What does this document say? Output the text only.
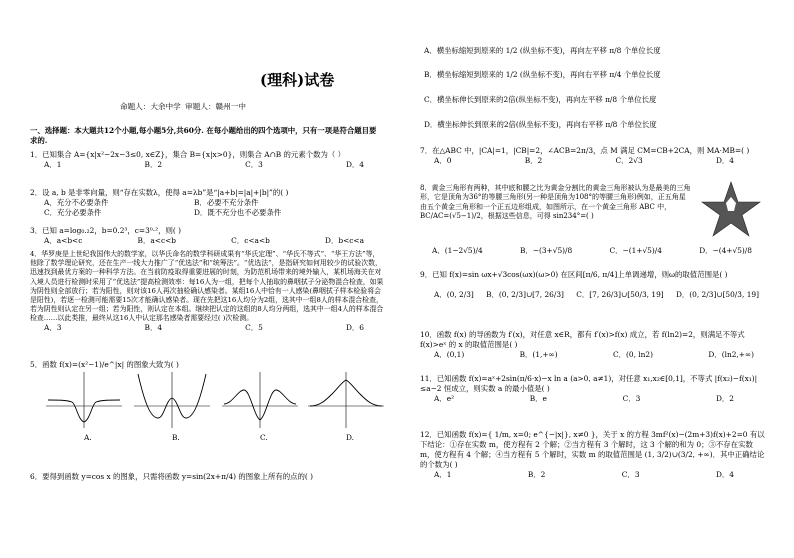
(理科)试卷
命题人：大余中学 审题人：赣州一中
一、选择题：本大题共12个小题,每小题5分,共60分. 在每小题给出的四个选项中，只有一项是符合题目要求的.
1．已知集合 A={x|x²−2x−3≤0, x∈Z}，集合 B={x|x>0}，则集合 A∩B 的元素个数为（ ）
A．1	B．2	C．3	D．4
2．设 a, b 是非零向量，则“存在实数λ，使得 a=λb”是“|a+b|=|a|+|b|”的( )
A．充分不必要条件	B．必要不充分条件
C．充分必要条件	D．既不充分也不必要条件
3．已知 a=log₀.₂2，b=0.2³，c=3⁰·²，则( )
A．a<b<c	B．a<c<b	C．c<a<b	D．b<c<a
4．华罗庚是上世纪我国伟大的数学家，以华氏命名的数学科研成果有“华氏定理”、“华氏不等式”、“华王方法”等，他除了数学理论研究，还在生产一线大力推广了“优选法”和“统筹法”。“优选法”，是指研究如何用较少的试验次数，迅速找到最优方案的一种科学方法。在当前防疫取得重要进展的时刻，为防范机场带来的境外输入，某机场海关在对入境人员进行检测时采用了“优选法”提高检测效率：每16人为一组，把每个人抽取的鼻咽拭子分泌物混合检查，如果为阴性则全部放行；若为阳性，则对该16人再次抽检确认感染者。某组16人中恰有一人感染(鼻咽拭子样本检验将会是阳性)，若逐一检测可能需要15次才能确认感染者。现在先把这16人均分为2组，选其中一组8人的样本混合检查，若为阴性则认定在另一组；若为阳性，则认定在本组。继续把认定的这组的8人均分两组，选其中一组4人的样本混合检查……以此类推，最终从这16人中认定那名感染者需要经过( )次检测。
A．3	B．4	C．5	D．6
5．函数 f(x)=(x²−1)/e^|x| 的图象大致为( )
A.	B.	C.	D.
6．要得到函数 y=cos x 的图象，只需将函数 y=sin(2x+π/4) 的图象上所有的点的( )
A．横坐标缩短到原来的 1/2 (纵坐标不变)，再向左平移 π/8 个单位长度
B．横坐标缩短到原来的 1/2 (纵坐标不变)，再向右平移 π/4 个单位长度
C．横坐标伸长到原来的2倍(纵坐标不变)，再向左平移 π/8 个单位长度
D．横坐标伸长到原来的2倍(纵坐标不变)，再向右平移 π/8 个单位长度
7．在△ABC 中，|CA|=1，|CB|=2，∠ACB=2π/3，点 M 满足 CM=CB+2CA，则 MA·MB=( )
A．0	B．2	C．2√3	D．4
8．黄金三角形有两种，其中底和腰之比为黄金分割比的黄金三角形被认为是最美的三角形，它是顶角为36°的等腰三角形(另一种是顶角为108°的等腰三角形)例如，正五角星由五个黄金三角形和一个正五边形组成，如图所示，在一个黄金三角形 ABC 中，BC/AC=(√5−1)/2，根据这些信息，可得 sin234°=( )
A．(1−2√5)/4	B．−(3+√5)/8	C．−(1+√5)/4	D．−(4+√5)/8
9．已知 f(x)=sin ωx+√3cos(ωx)(ω>0) 在区间[π/6, π/4]上单调递增，则ω的取值范围是( )
A．(0, 2/3] B．(0, 2/3]∪[7, 26/3] C．[7, 26/3]∪[50/3, 19] D．(0, 2/3]∪[50/3, 19]
10．函数 f(x) 的导函数为 f′(x)，对任意 x∈R，都有 f′(x)>f(x) 成立，若 f(ln2)=2，则满足不等式 f(x)>eˣ 的 x 的取值范围是( )
A．(0,1)	B．(1,+∞)	C．(0, ln2)	D．(ln2,+∞)
11．已知函数 f(x)=aˣ+2sin(π/6·x)−x ln a (a>0, a≠1)，对任意 x₁,x₂∈[0,1]，不等式 |f(x₂)−f(x₁)|≤a−2 恒成立，则实数 a 的最小值是( )
A．e²	B．e	C．3	D．2
12．已知函数 f(x)={ 1/m, x=0; e^{−|x|}, x≠0 }，关于 x 的方程 3mf²(x)−(2m+3)f(x)+2=0 有以下结论：①存在实数 m，使方程有 2 个解；②当方程有 3 个解时，这 3 个解的和为 0；③不存在实数 m，使方程有 4 个解；④当方程有 5 个解时，实数 m 的取值范围是 (1, 3/2)∪(3/2, +∞)．其中正确结论的个数为( )
A．1	B．2	C．3	D．4
